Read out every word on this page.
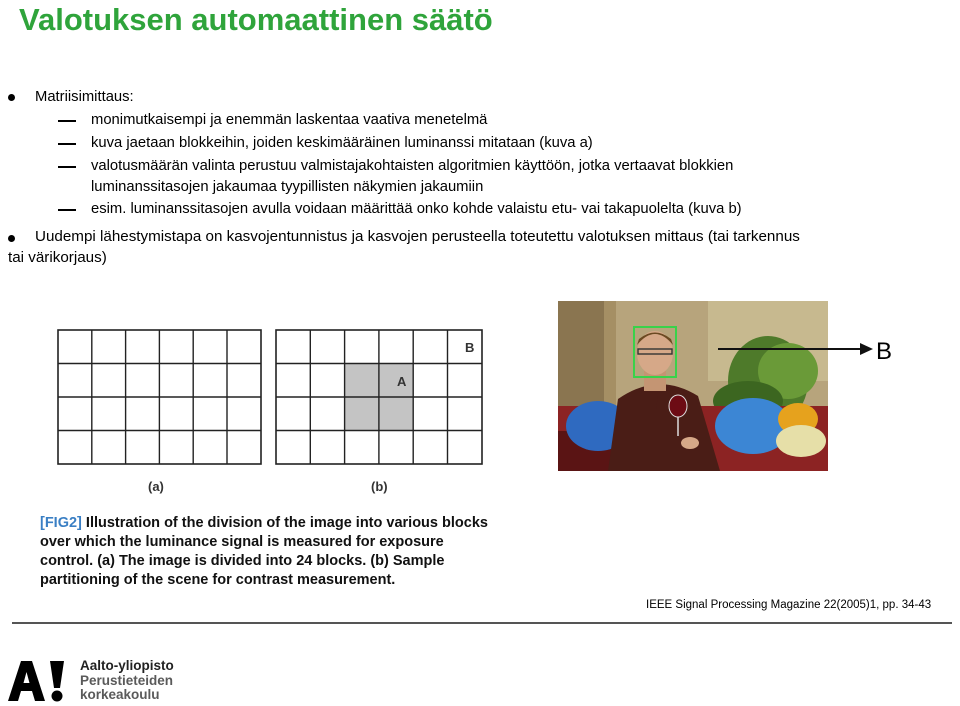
Valotuksen automaattinen säätö
Matriisimittaus:
monimutkaisempi ja enemmän laskentaa vaativa menetelmä
kuva jaetaan blokkeihin, joiden keskimääräinen luminanssi mitataan (kuva a)
valotusmäärän valinta perustuu valmistajakohtaisten algoritmien käyttöön, jotka vertaavat blokkien
luminanssitasojen jakaumaa tyypillisten näkymien jakaumiin
esim. luminanssitasojen avulla voidaan määrittää onko kohde valaistu etu- vai takapuolelta (kuva b)
Uudempi lähestymistapa on kasvojentunnistus ja kasvojen perusteella toteutettu valotuksen mittaus (tai tarkennus
tai värikorjaus)
A
B
(a)	(b)
[FIG2] Illustration of the division of the image into various blocks
over which the luminance signal is measured for exposure
control. (a) The image is divided into 24 blocks. (b) Sample
partitioning of the scene for contrast measurement.
B
IEEE Signal Processing Magazine 22(2005)1, pp. 34-43
Aalto-yliopisto
Perustieteiden
korkeakoulu
